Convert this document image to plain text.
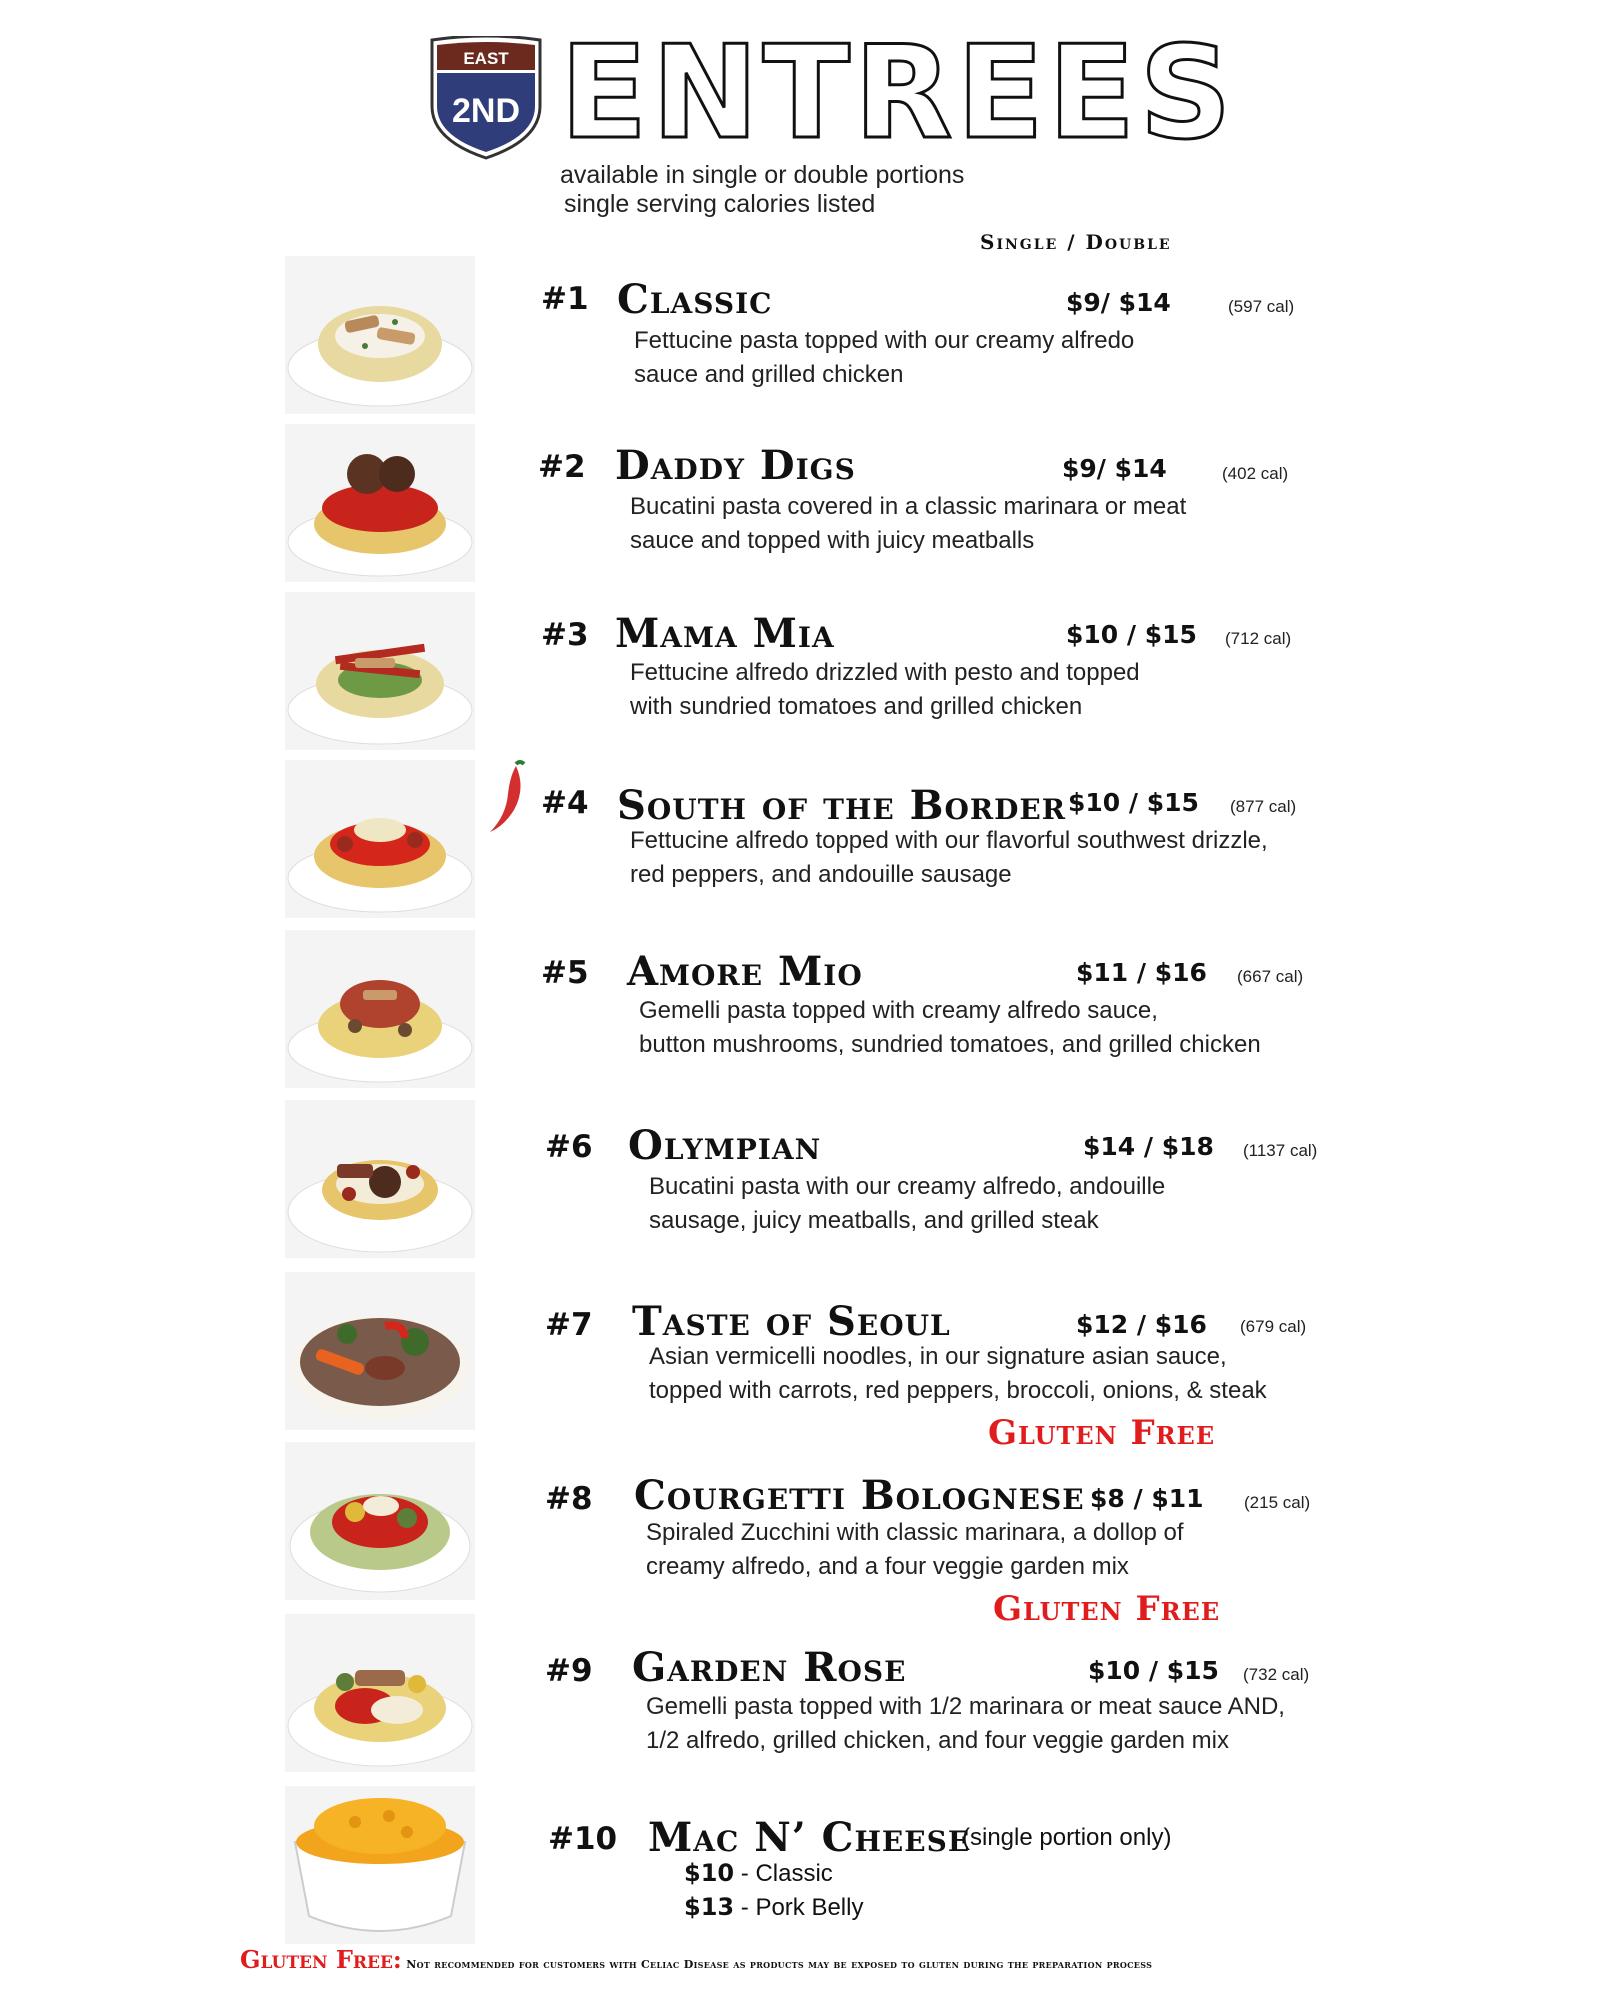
EAST
2ND ENTREES
available in single or double portions
single serving calories listed
Single / Double
#1 Classic	$9/ $14	(597 cal)
Fettucine pasta topped with our creamy alfredo
sauce and grilled chicken
#2 Daddy Digs	$9/ $14	(402 cal)
Bucatini pasta covered in a classic marinara or meat
sauce and topped with juicy meatballs
#3 Mama Mia	$10 / $15 (712 cal)
Fettucine alfredo drizzled with pesto and topped
with sundried tomatoes and grilled chicken
#4 South of the Border $10 / $15 (877 cal)
Fettucine alfredo topped with our flavorful southwest drizzle,
red peppers, and andouille sausage
#5 Amore Mio	$11 / $16 (667 cal)
Gemelli pasta topped with creamy alfredo sauce,
button mushrooms, sundried tomatoes, and grilled chicken
#6 Olympian	$14 / $18 (1137 cal)
Bucatini pasta with our creamy alfredo, andouille
sausage, juicy meatballs, and grilled steak
#7 Taste of Seoul	$12 / $16 (679 cal)
Asian vermicelli noodles, in our signature asian sauce,
topped with carrots, red peppers, broccoli, onions, & steak
Gluten Free
#8 Courgetti Bolognese $8 / $11 (215 cal)
Spiraled Zucchini with classic marinara, a dollop of
creamy alfredo, and a four veggie garden mix
Gluten Free
#9 Garden Rose	$10 / $15 (732 cal)
Gemelli pasta topped with 1/2 marinara or meat sauce AND,
1/2 alfredo, grilled chicken, and four veggie garden mix
#10 Mac N’ Cheese
(single portion only)
$10 - Classic
$13 - Pork Belly
Gluten Free: Not recommended for customers with Celiac Disease as products may be exposed to gluten during the preparation process
